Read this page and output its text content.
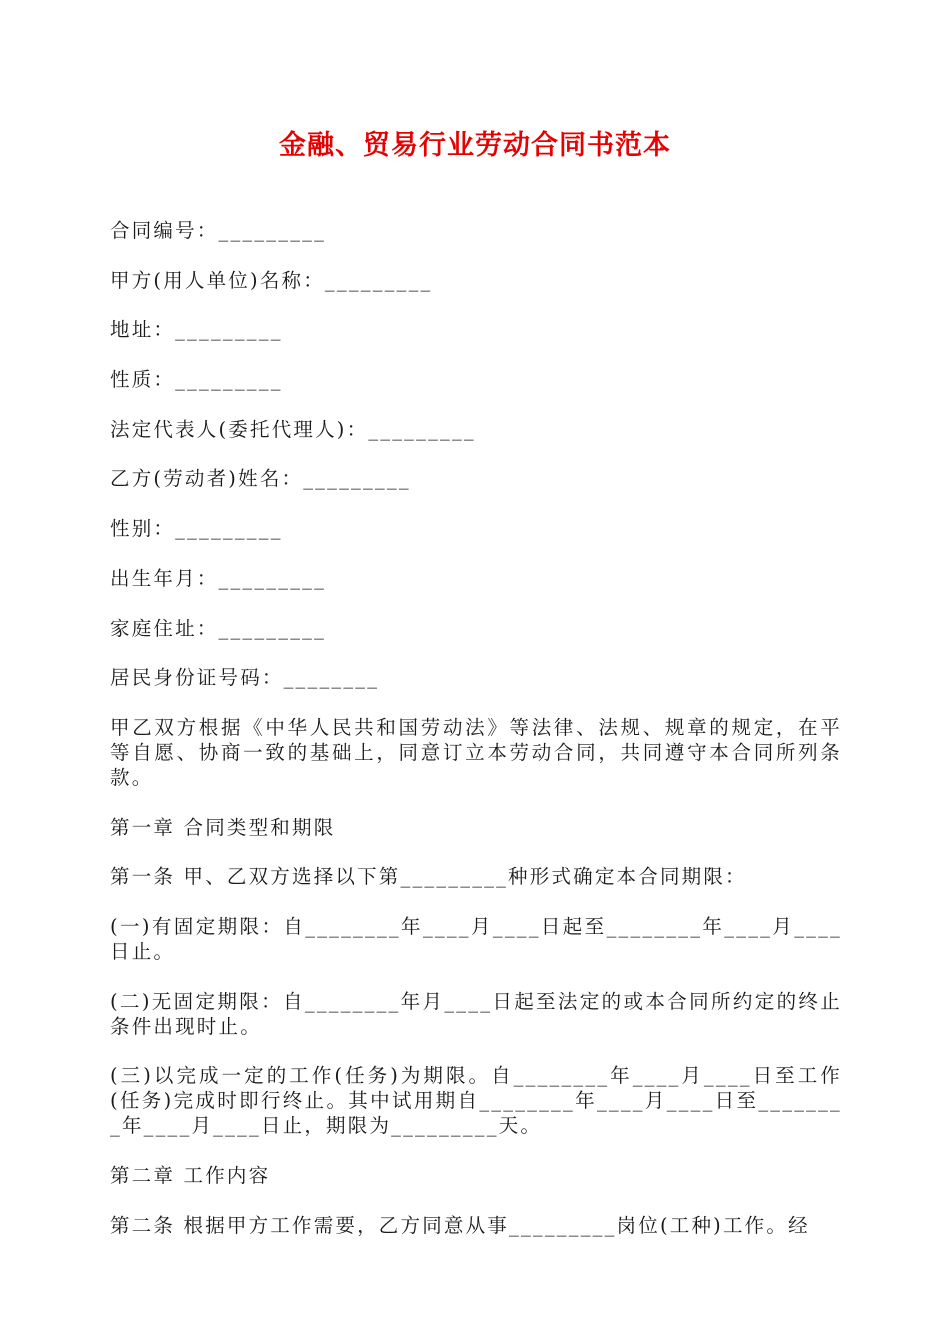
金融、贸易行业劳动合同书范本

合同编号：_________

甲方(用人单位)名称：_________

地址：_________

性质：_________

法定代表人(委托代理人)：_________

乙方(劳动者)姓名：_________

性别：_________

出生年月：_________

家庭住址：_________

居民身份证号码：________

甲乙双方根据《中华人民共和国劳动法》等法律、法规、规章的规定，在平等自愿、协商一致的基础上，同意订立本劳动合同，共同遵守本合同所列条款。

第一章 合同类型和期限

第一条 甲、乙双方选择以下第_________种形式确定本合同期限：

(一)有固定期限：自________年____月____日起至________年____月____日止。

(二)无固定期限：自________年月____日起至法定的或本合同所约定的终止条件出现时止。

(三)以完成一定的工作(任务)为期限。自________年____月____日至工作(任务)完成时即行终止。其中试用期自________年____月____日至________年____月____日止，期限为_________天。

第二章 工作内容

第二条 根据甲方工作需要，乙方同意从事_________岗位(工种)工作。经
